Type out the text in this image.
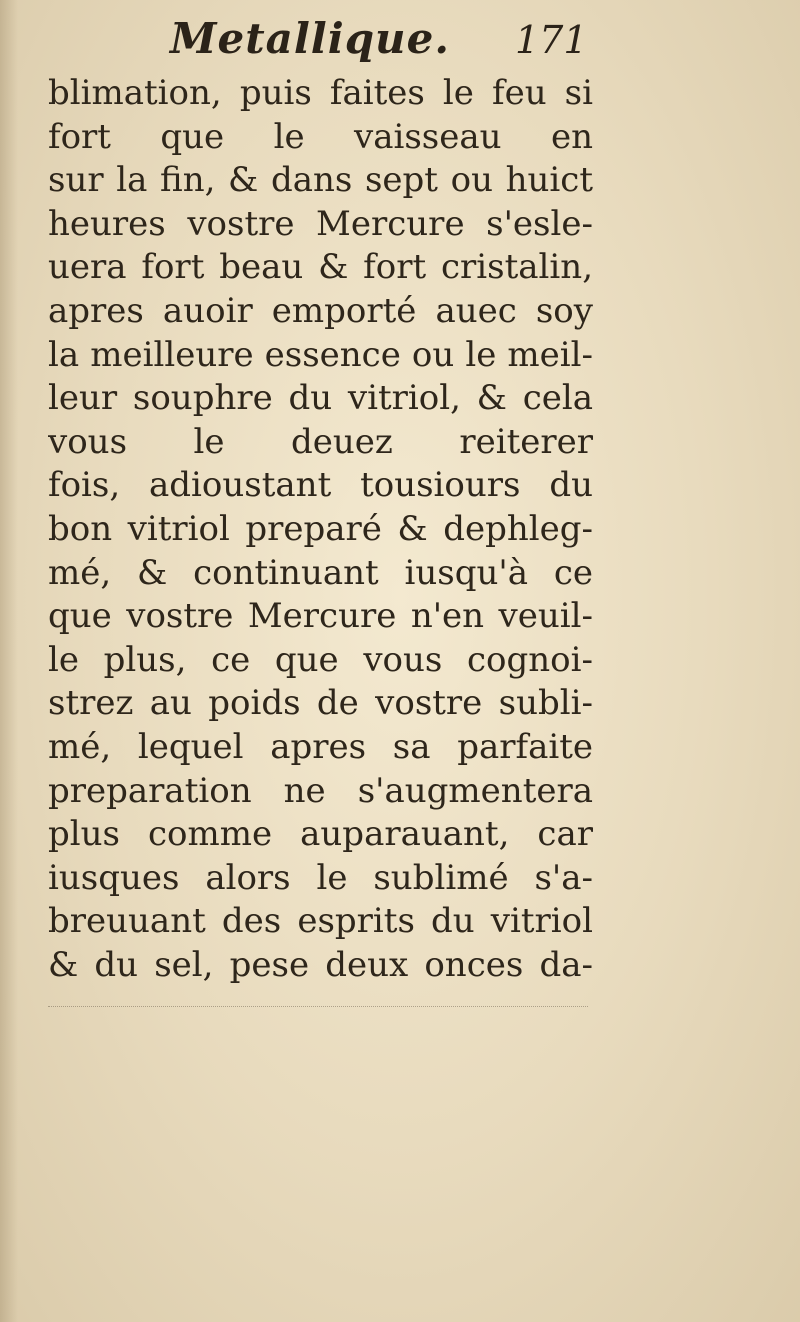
Metallique. 171
blimation, puis faites le feu si
fort que le vaisseau en
sur la fin, & dans sept ou huict
heures vostre Mercure s'esle-
uera fort beau & fort cristalin,
apres auoir emporté auec soy
la meilleure essence ou le meil-
leur souphre du vitriol, & cela
vous le deuez reiterer
fois, adioustant tousiours du
bon vitriol preparé & dephleg-
mé, & continuant iusqu'à ce
que vostre Mercure n'en veuil-
le plus, ce que vous cognoi-
strez au poids de vostre subli-
mé, lequel apres sa parfaite
preparation ne s'augmentera
plus comme auparauant, car
iusques alors le sublimé s'a-
breuuant des esprits du vitriol
& du sel, pese deux onces da-
